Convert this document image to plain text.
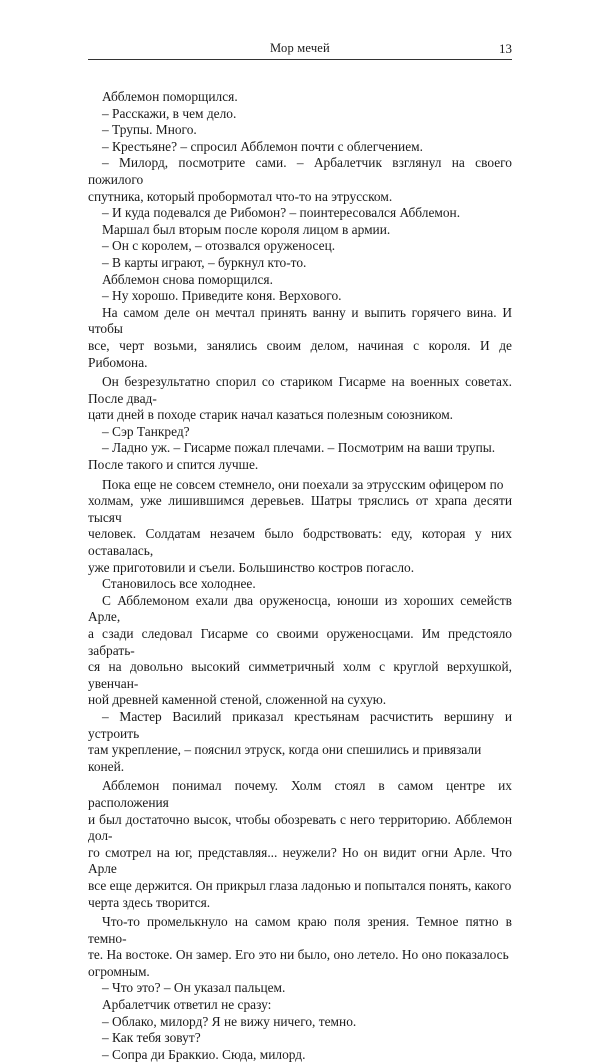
Мор мечей	13

Абблемон поморщился.

– Расскажи, в чем дело.

– Трупы. Много.

– Крестьяне? – спросил Абблемон почти с облегчением.

– Милорд, посмотрите сами. – Арбалетчик взглянул на своего пожилого
спутника, который пробормотал что-то на этрусском.

– И куда подевался де Рибомон? – поинтересовался Абблемон.

Маршал был вторым после короля лицом в армии.

– Он с королем, – отозвался оруженосец.

– В карты играют, – буркнул кто-то.

Абблемон снова поморщился.

– Ну хорошо. Приведите коня. Верхового.

На самом деле он мечтал принять ванну и выпить горячего вина. И чтобы
все, черт возьми, занялись своим делом, начиная с короля. И де Рибомона.

Он безрезультатно спорил со стариком Гисарме на военных советах. После двад-
цати дней в походе старик начал казаться полезным союзником.

– Сэр Танкред?

– Ладно уж. – Гисарме пожал плечами. – Посмотрим на ваши трупы.
После такого и спится лучше.

Пока еще не совсем стемнело, они поехали за этрусским офицером по
холмам, уже лишившимся деревьев. Шатры тряслись от храпа десяти тысяч
человек. Солдатам незачем было бодрствовать: еду, которая у них оставалась,
уже приготовили и съели. Большинство костров погасло.

Становилось все холоднее.

С Абблемоном ехали два оруженосца, юноши из хороших семейств Арле,
а сзади следовал Гисарме со своими оруженосцами. Им предстояло забрать-
ся на довольно высокий симметричный холм с круглой верхушкой, увенчан-
ной древней каменной стеной, сложенной на сухую.

– Мастер Василий приказал крестьянам расчистить вершину и устроить
там укрепление, – пояснил этруск, когда они спешились и привязали
коней.

Абблемон понимал почему. Холм стоял в самом центре их расположения
и был достаточно высок, чтобы обозревать с него территорию. Абблемон дол-
го смотрел на юг, представляя... неужели? Но он видит огни Арле. Что Арле
все еще держится. Он прикрыл глаза ладонью и попытался понять, какого
черта здесь творится.

Что-то промелькнуло на самом краю поля зрения. Темное пятно в темно-
те. На востоке. Он замер. Его это ни было, оно летело. Но оно показалось
огромным.

– Что это? – Он указал пальцем.

Арбалетчик ответил не сразу:

– Облако, милорд? Я не вижу ничего, темно.

– Как тебя зовут?

– Сопра ди Браккио. Сюда, милорд.
